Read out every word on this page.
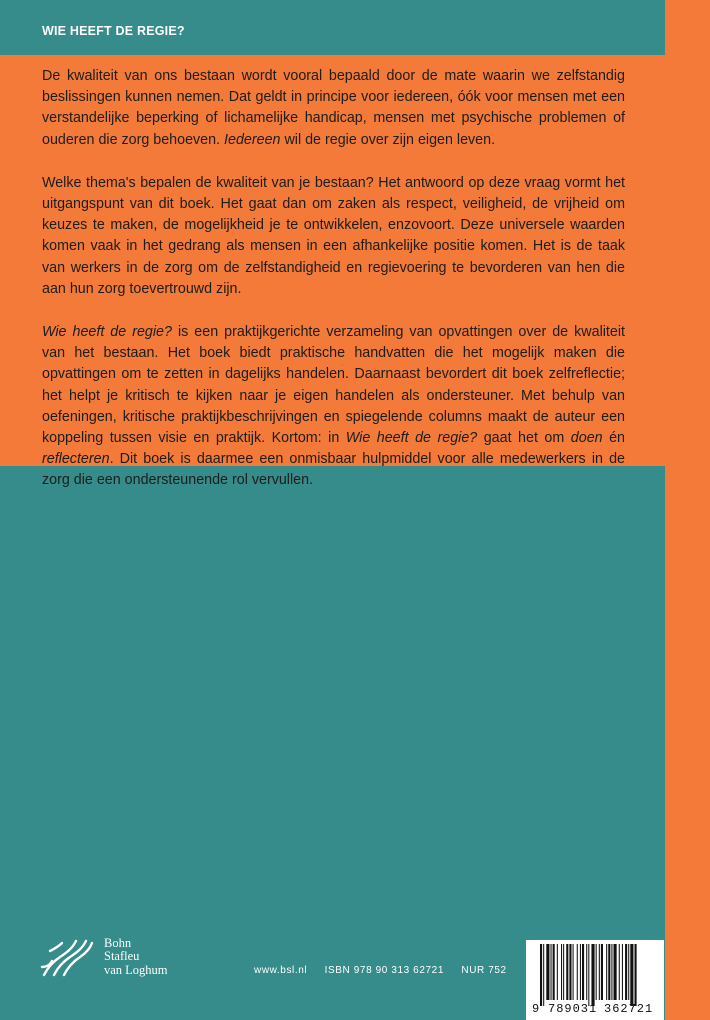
WIE HEEFT DE REGIE?

De kwaliteit van ons bestaan wordt vooral bepaald door de mate waarin we zelfstandig beslissingen kunnen nemen. Dat geldt in principe voor iedereen, óók voor mensen met een verstandelijke beperking of lichamelijke handicap, mensen met psychische problemen of ouderen die zorg behoeven. Iedereen wil de regie over zijn eigen leven.

Welke thema's bepalen de kwaliteit van je bestaan? Het antwoord op deze vraag vormt het uitgangspunt van dit boek. Het gaat dan om zaken als respect, veiligheid, de vrijheid om keuzes te maken, de mogelijkheid je te ontwikkelen, enzovoort. Deze universele waarden komen vaak in het gedrang als mensen in een afhankelijke positie komen. Het is de taak van werkers in de zorg om de zelfstandigheid en regievoering te bevorderen van hen die aan hun zorg toevertrouwd zijn.

Wie heeft de regie? is een praktijkgerichte verzameling van opvattingen over de kwaliteit van het bestaan. Het boek biedt praktische handvatten die het mogelijk maken die opvattingen om te zetten in dagelijks handelen. Daarnaast bevordert dit boek zelfreflectie; het helpt je kritisch te kijken naar je eigen handelen als ondersteuner. Met behulp van oefeningen, kritische praktijkbeschrijvingen en spiegelende columns maakt de auteur een koppeling tussen visie en praktijk. Kortom: in Wie heeft de regie? gaat het om doen én reflecteren. Dit boek is daarmee een onmisbaar hulpmiddel voor alle medewerkers in de zorg die een ondersteunende rol vervullen.

Bohn
Stafleu
van Loghum	www.bsl.nl ISBN 978 90 313 62721 NUR 752
9 789031 362721
